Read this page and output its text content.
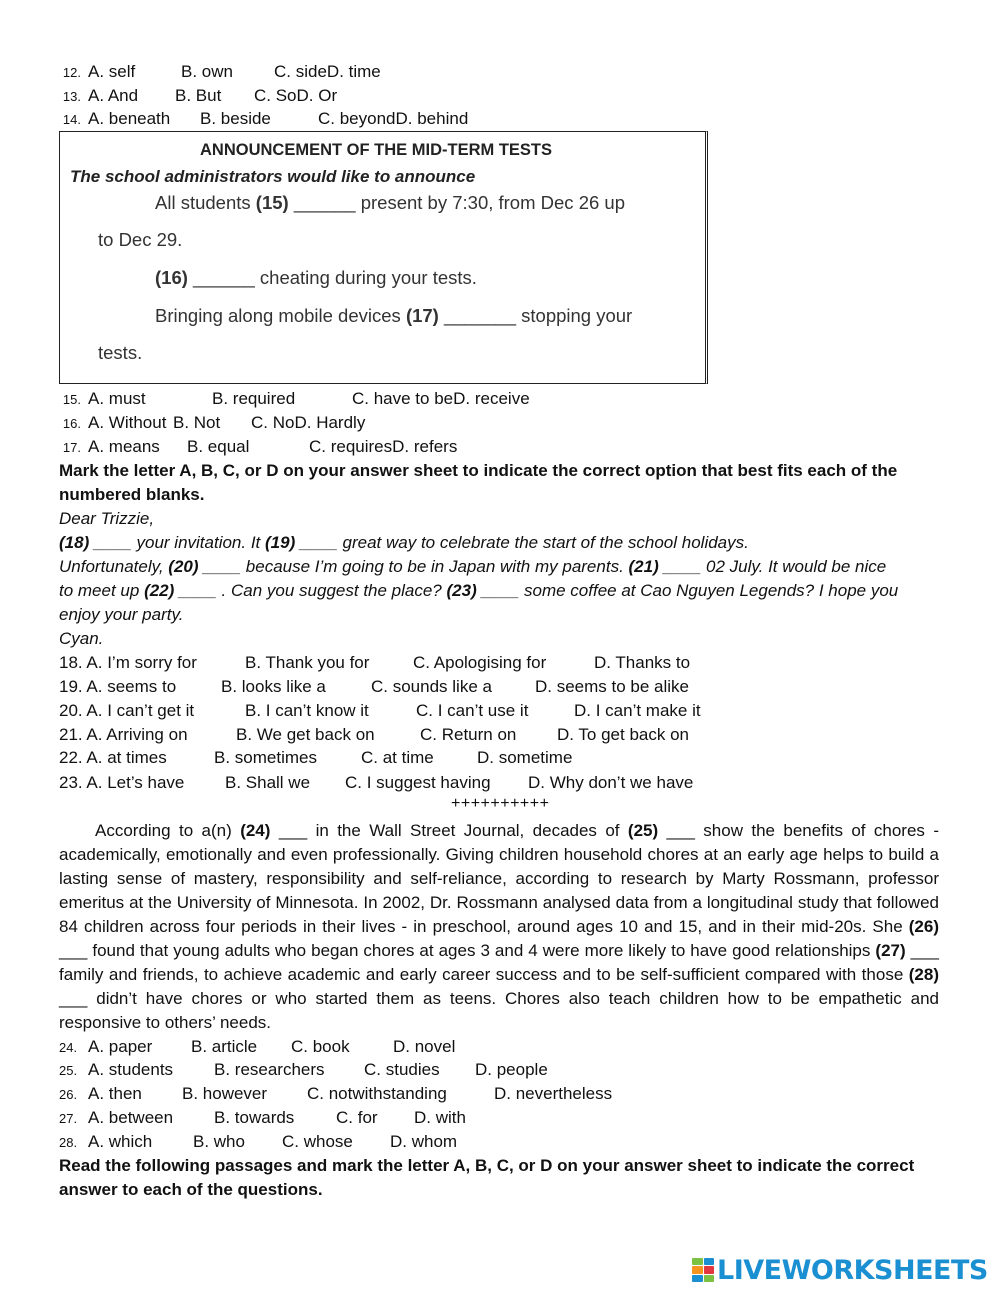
12. A. self	B. own C. sideD. time
13. A. And B. But C. SoD. Or
14. A. beneath B. beside	C. beyondD. behind
ANNOUNCEMENT OF THE MID-TERM TESTS
The school administrators would like to announce
All students (15) ______ present by 7:30, from Dec 26 up
to Dec 29.
(16) ______ cheating during your tests.
Bringing along mobile devices (17) _______ stopping your
tests.
15. A. must	B. required	C. have to beD. receive
16. A. Without B. Not C. NoD. Hardly
17. A. means B. equal	C. requiresD. refers
Mark the letter A, B, C, or D on your answer sheet to indicate the correct option that best fits each of the
numbered blanks.
Dear Trizzie,
(18) ____ your invitation. It (19) ____ great way to celebrate the start of the school holidays.
Unfortunately, (20) ____ because I’m going to be in Japan with my parents. (21) ____ 02 July. It would be nice
to meet up (22) ____ . Can you suggest the place? (23) ____ some coffee at Cao Nguyen Legends? I hope you
enjoy your party.
Cyan.
18. A. I’m sorry for	B. Thank you for	C. Apologising for	D. Thanks to
19. A. seems to	B. looks like a	C. sounds like a	D. seems to be alike
20. A. I can’t get it	B. I can’t know it	C. I can’t use it	D. I can’t make it
21. A. Arriving on	B. We get back on	C. Return on D. To get back on
22. A. at times	B. sometimes	C. at time	D. sometime
23. A. Let’s have B. Shall we C. I suggest having D. Why don’t we have
++++++++++
According to a(n) (24) ___ in the Wall Street Journal, decades of (25) ___ show the benefits of chores - academically, emotionally and even professionally. Giving children household chores at an early age helps to build a lasting sense of mastery, responsibility and self-reliance, according to research by Marty Rossmann, professor emeritus at the University of Minnesota. In 2002, Dr. Rossmann analysed data from a longitudinal study that followed 84 children across four periods in their lives - in preschool, around ages 10 and 15, and in their mid-20s. She (26) ___ found that young adults who began chores at ages 3 and 4 were more likely to have good relationships (27) ___ family and friends, to achieve academic and early career success and to be self-sufficient compared with those (28) ___ didn’t have chores or who started them as teens. Chores also teach children how to be empathetic and responsive to others’ needs.
24. A. paper B. article C. book	D. novel
25. A. students B. researchers C. studies D. people
26. A. then B. however C. notwithstanding	D. nevertheless
27. A. between B. towards C. for D. with
28. A. which B. who C. whose D. whom
Read the following passages and mark the letter A, B, C, or D on your answer sheet to indicate the correct
answer to each of the questions.
LIVEWORKSHEETS
